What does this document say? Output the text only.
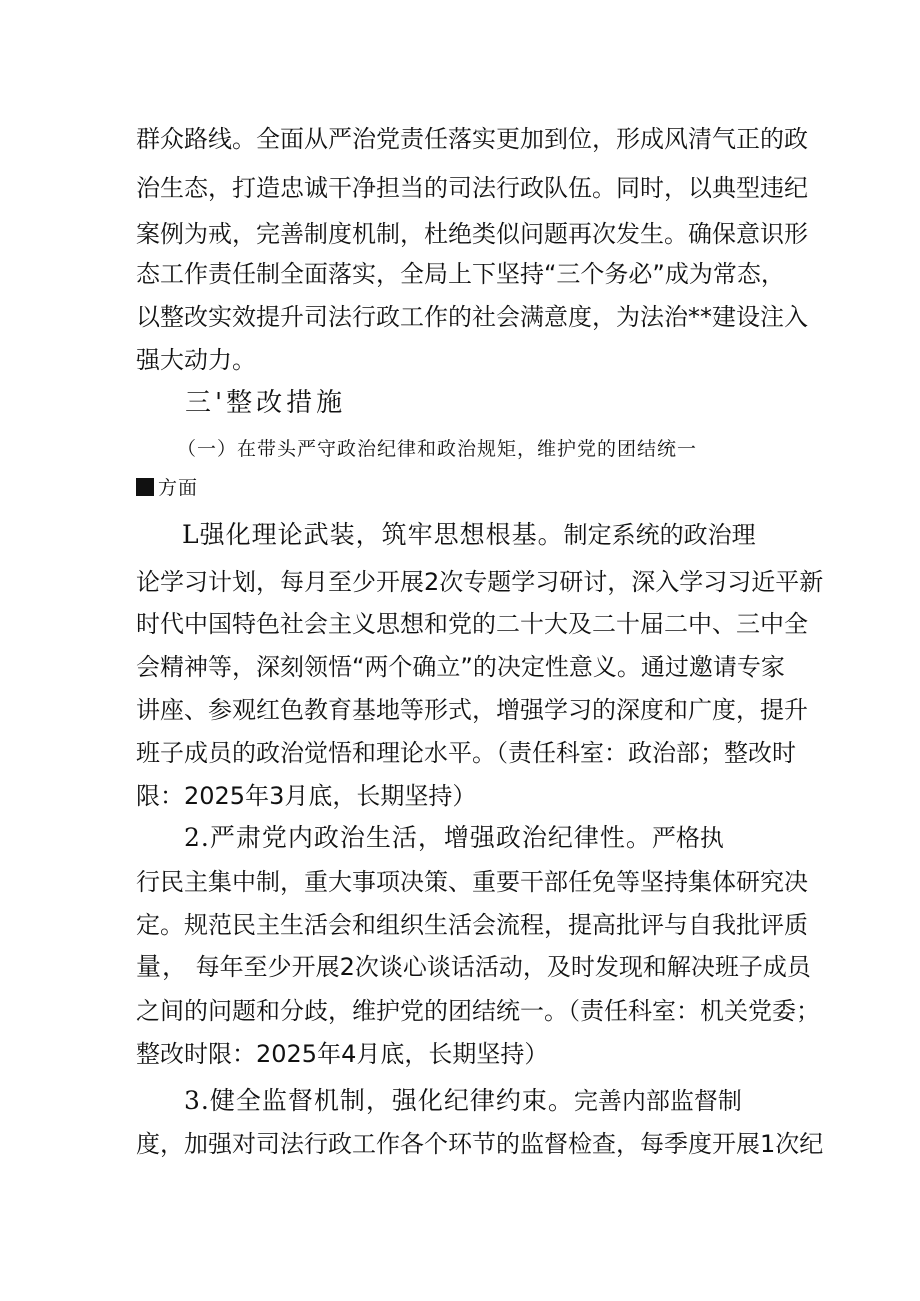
群众路线。全面从严治党责任落实更加到位，形成风清气正的政
治生态，打造忠诚干净担当的司法行政队伍。同时，以典型违纪
案例为戒，完善制度机制，杜绝类似问题再次发生。确保意识形
态工作责任制全面落实，全局上下坚持“三个务必”成为常态，
以整改实效提升司法行政工作的社会满意度，为法治**建设注入
强大动力。
三'整改措施
（一）在带头严守政治纪律和政治规矩，维护党的团结统一
方面
L强化理论武装，筑牢思想根基。制定系统的政治理
论学习计划，每月至少开展2次专题学习研讨，深入学习习近平新
时代中国特色社会主义思想和党的二十大及二十届二中、三中全
会精神等，深刻领悟“两个确立”的决定性意义。通过邀请专家
讲座、参观红色教育基地等形式，增强学习的深度和广度，提升
班子成员的政治觉悟和理论水平。（责任科室：政治部；整改时
限：2025年3月底，长期坚持）
2.严肃党内政治生活，增强政治纪律性。严格执
行民主集中制，重大事项决策、重要干部任免等坚持集体研究决
定。规范民主生活会和组织生活会流程，提高批评与自我批评质
量， 每年至少开展2次谈心谈话活动，及时发现和解决班子成员
之间的问题和分歧，维护党的团结统一。（责任科室：机关党委；
整改时限：2025年4月底，长期坚持）
3.健全监督机制，强化纪律约束。完善内部监督制
度，加强对司法行政工作各个环节的监督检查，每季度开展1次纪
